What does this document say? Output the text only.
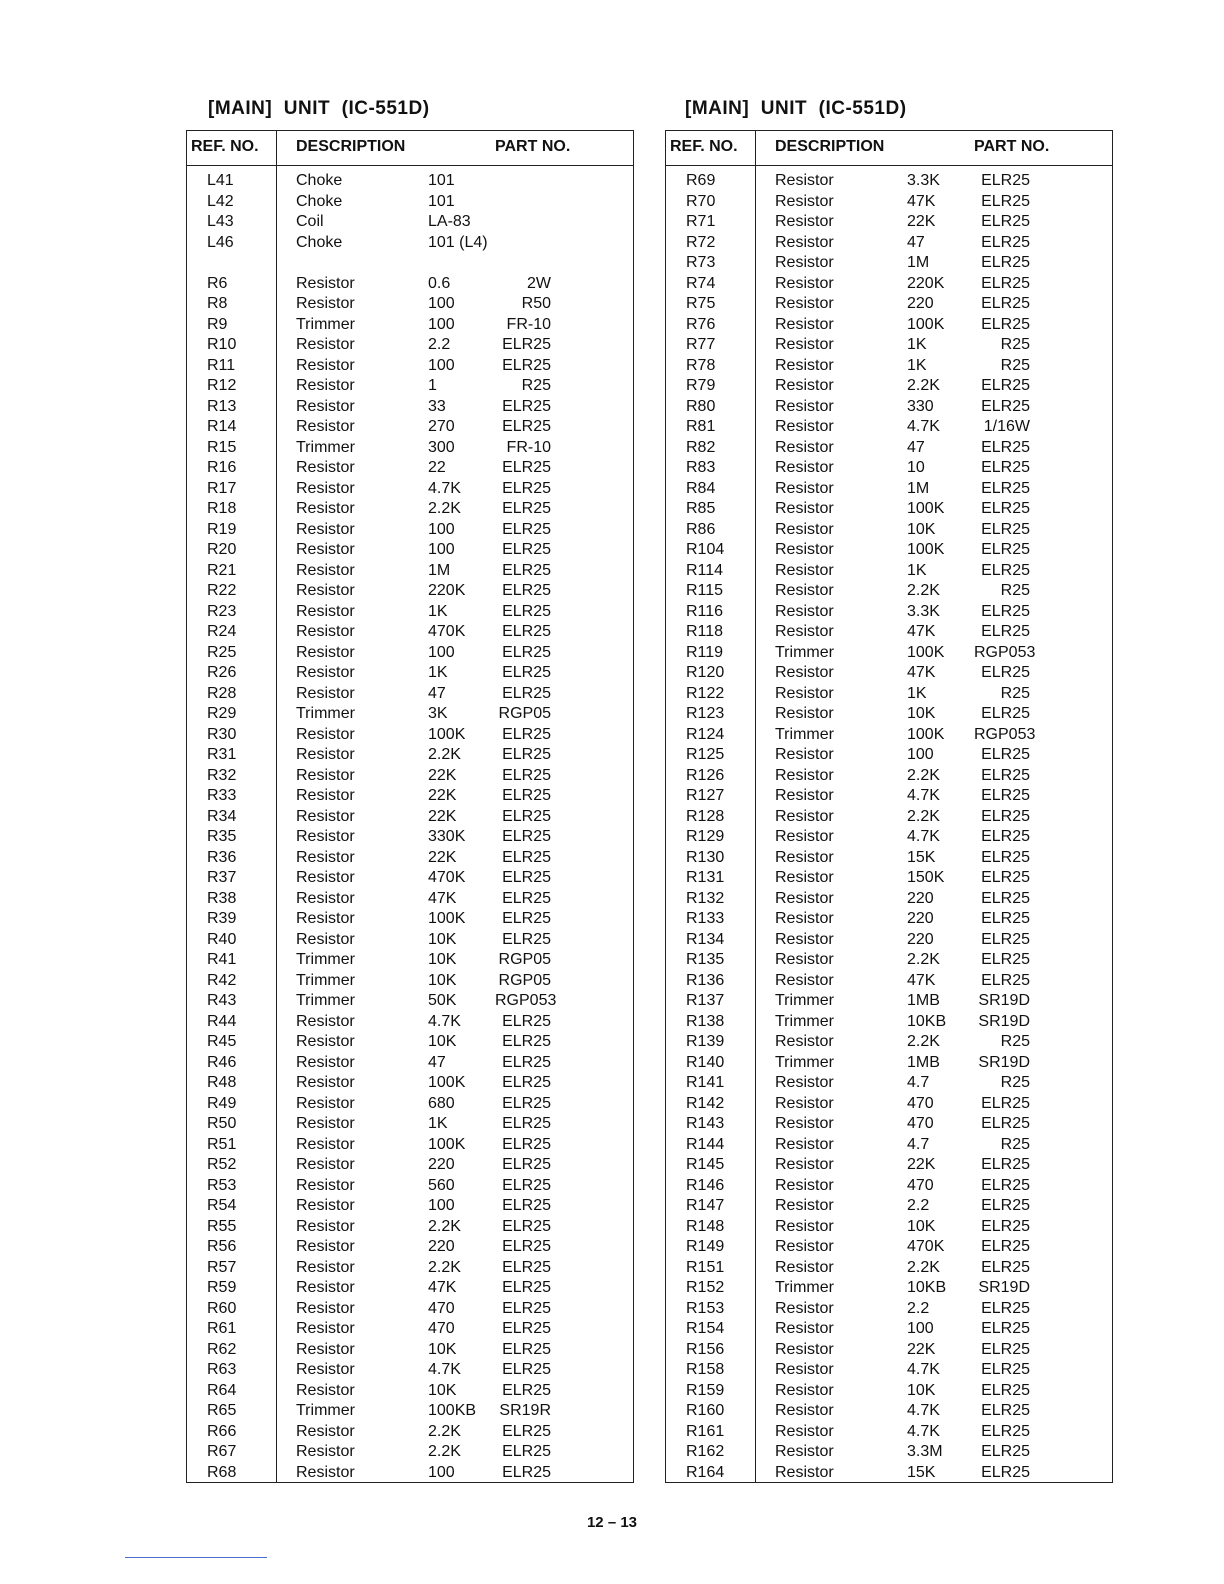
[MAIN]  UNIT  (IC-551D)
REF. NO. DESCRIPTION	PART NO.
L41	Choke	101
L42	Choke	101
L43	Coil	LA-83
L46	Choke	101 (L4)
R6	Resistor	0.6	2W
R8	Resistor	100	R50
R9	Trimmer	100	FR-10
R10	Resistor	2.2	ELR25
R11	Resistor	100	ELR25
R12	Resistor	1	R25
R13	Resistor	33	ELR25
R14	Resistor	270	ELR25
R15	Trimmer	300	FR-10
R16	Resistor	22	ELR25
R17	Resistor	4.7K	ELR25
R18	Resistor	2.2K	ELR25
R19	Resistor	100	ELR25
R20	Resistor	100	ELR25
R21	Resistor	1M	ELR25
R22	Resistor	220K	ELR25
R23	Resistor	1K	ELR25
R24	Resistor	470K	ELR25
R25	Resistor	100	ELR25
R26	Resistor	1K	ELR25
R28	Resistor	47	ELR25
R29	Trimmer	3K	RGP05
R30	Resistor	100K	ELR25
R31	Resistor	2.2K	ELR25
R32	Resistor	22K	ELR25
R33	Resistor	22K	ELR25
R34	Resistor	22K	ELR25
R35	Resistor	330K	ELR25
R36	Resistor	22K	ELR25
R37	Resistor	470K	ELR25
R38	Resistor	47K	ELR25
R39	Resistor	100K	ELR25
R40	Resistor	10K	ELR25
R41	Trimmer	10K	RGP05
R42	Trimmer	10K	RGP05
R43	Trimmer	50K RGP053
R44	Resistor	4.7K	ELR25
R45	Resistor	10K	ELR25
R46	Resistor	47	ELR25
R48	Resistor	100K	ELR25
R49	Resistor	680	ELR25
R50	Resistor	1K	ELR25
R51	Resistor	100K	ELR25
R52	Resistor	220	ELR25
R53	Resistor	560	ELR25
R54	Resistor	100	ELR25
R55	Resistor	2.2K	ELR25
R56	Resistor	220	ELR25
R57	Resistor	2.2K	ELR25
R59	Resistor	47K	ELR25
R60	Resistor	470	ELR25
R61	Resistor	470	ELR25
R62	Resistor	10K	ELR25
R63	Resistor	4.7K	ELR25
R64	Resistor	10K	ELR25
R65	Trimmer	100KB SR19R
R66	Resistor	2.2K	ELR25
R67	Resistor	2.2K	ELR25
R68	Resistor	100	ELR25
[MAIN]  UNIT  (IC-551D)
REF. NO. DESCRIPTION	PART NO.
R69	Resistor	3.3K	ELR25
R70	Resistor	47K	ELR25
R71	Resistor	22K	ELR25
R72	Resistor	47	ELR25
R73	Resistor	1M	ELR25
R74	Resistor	220K	ELR25
R75	Resistor	220	ELR25
R76	Resistor	100K	ELR25
R77	Resistor	1K	R25
R78	Resistor	1K	R25
R79	Resistor	2.2K	ELR25
R80	Resistor	330	ELR25
R81	Resistor	4.7K	1/16W
R82	Resistor	47	ELR25
R83	Resistor	10	ELR25
R84	Resistor	1M	ELR25
R85	Resistor	100K	ELR25
R86	Resistor	10K	ELR25
R104	Resistor	100K	ELR25
R114	Resistor	1K	ELR25
R115	Resistor	2.2K	R25
R116	Resistor	3.3K	ELR25
R118	Resistor	47K	ELR25
R119	Trimmer	100K RGP053
R120	Resistor	47K	ELR25
R122	Resistor	1K	R25
R123	Resistor	10K	ELR25
R124	Trimmer	100K RGP053
R125	Resistor	100	ELR25
R126	Resistor	2.2K	ELR25
R127	Resistor	4.7K	ELR25
R128	Resistor	2.2K	ELR25
R129	Resistor	4.7K	ELR25
R130	Resistor	15K	ELR25
R131	Resistor	150K	ELR25
R132	Resistor	220	ELR25
R133	Resistor	220	ELR25
R134	Resistor	220	ELR25
R135	Resistor	2.2K	ELR25
R136	Resistor	47K	ELR25
R137	Trimmer	1MB SR19D
R138	Trimmer	10KB SR19D
R139	Resistor	2.2K	R25
R140	Trimmer	1MB SR19D
R141	Resistor	4.7	R25
R142	Resistor	470	ELR25
R143	Resistor	470	ELR25
R144	Resistor	4.7	R25
R145	Resistor	22K	ELR25
R146	Resistor	470	ELR25
R147	Resistor	2.2	ELR25
R148	Resistor	10K	ELR25
R149	Resistor	470K	ELR25
R151	Resistor	2.2K	ELR25
R152	Trimmer	10KB SR19D
R153	Resistor	2.2	ELR25
R154	Resistor	100	ELR25
R156	Resistor	22K	ELR25
R158	Resistor	4.7K	ELR25
R159	Resistor	10K	ELR25
R160	Resistor	4.7K	ELR25
R161	Resistor	4.7K	ELR25
R162	Resistor	3.3M	ELR25
R164	Resistor	15K	ELR25
12 – 13
